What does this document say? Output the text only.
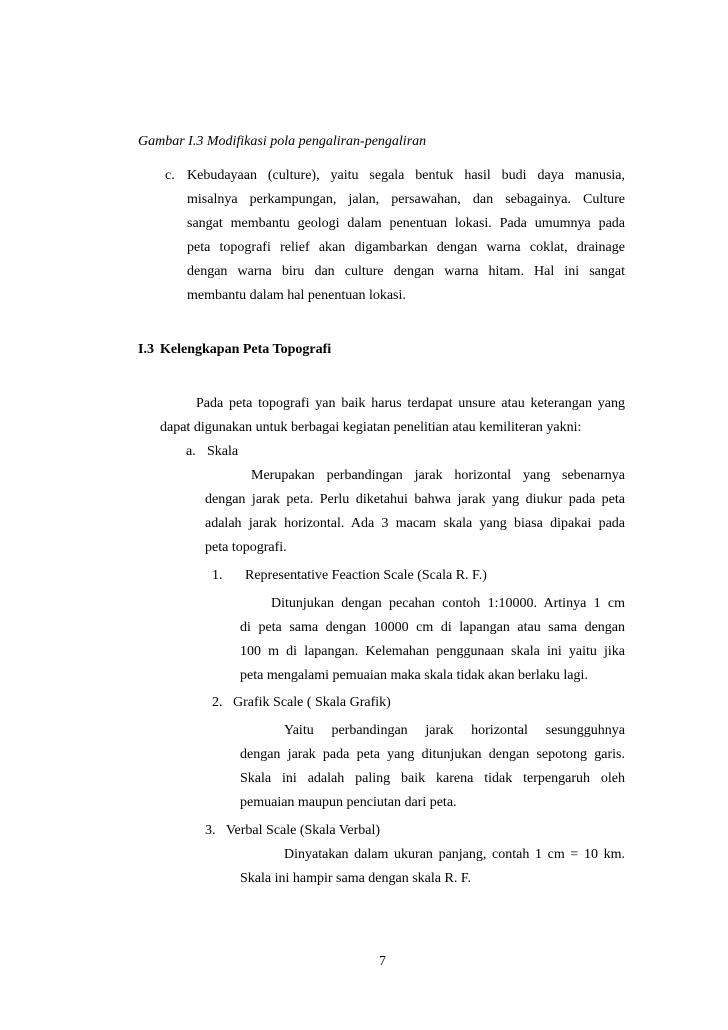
Gambar I.3 Modifikasi pola pengaliran-pengaliran
c. Kebudayaan (culture), yaitu segala bentuk hasil budi daya manusia,
misalnya perkampungan, jalan, persawahan, dan sebagainya. Culture
sangat membantu geologi dalam penentuan lokasi. Pada umumnya pada
peta topografi relief akan digambarkan dengan warna coklat, drainage
dengan warna biru dan culture dengan warna hitam. Hal ini sangat
membantu dalam hal penentuan lokasi.
I.3 Kelengkapan Peta Topografi
Pada peta topografi yan baik harus terdapat unsure atau keterangan yang
dapat digunakan untuk berbagai kegiatan penelitian atau kemiliteran yakni:
a. Skala
Merupakan perbandingan jarak horizontal yang sebenarnya
dengan jarak peta. Perlu diketahui bahwa jarak yang diukur pada peta
adalah jarak horizontal. Ada 3 macam skala yang biasa dipakai pada
peta topografi.
1. Representative Feaction Scale (Scala R. F.)
Ditunjukan dengan pecahan contoh 1:10000. Artinya 1 cm
di peta sama dengan 10000 cm di lapangan atau sama dengan
100 m di lapangan. Kelemahan penggunaan skala ini yaitu jika
peta mengalami pemuaian maka skala tidak akan berlaku lagi.
2. Grafik Scale ( Skala Grafik)
Yaitu perbandingan jarak horizontal sesungguhnya
dengan jarak pada peta yang ditunjukan dengan sepotong garis.
Skala ini adalah paling baik karena tidak terpengaruh oleh
pemuaian maupun penciutan dari peta.
3. Verbal Scale (Skala Verbal)
Dinyatakan dalam ukuran panjang, contah 1 cm = 10 km.
Skala ini hampir sama dengan skala R. F.
7
